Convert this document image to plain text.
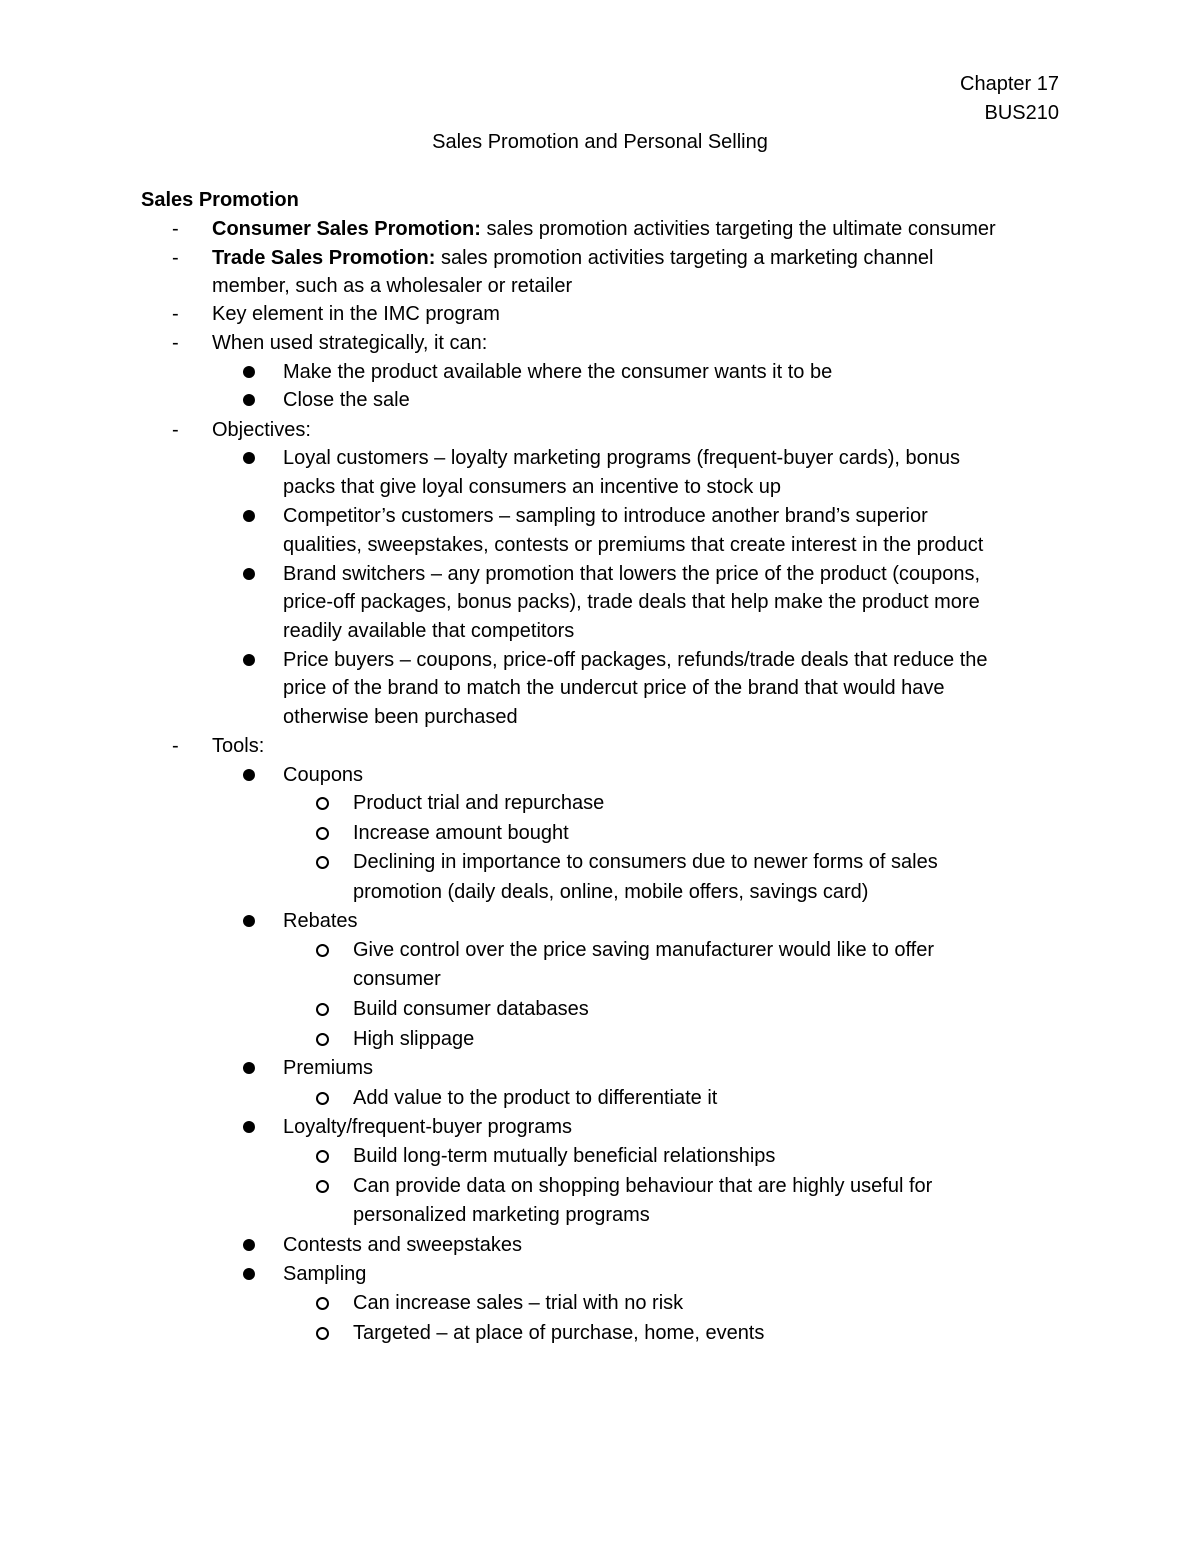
Chapter 17
BUS210
Sales Promotion and Personal Selling
Sales Promotion
- Consumer Sales Promotion: sales promotion activities targeting the ultimate consumer
- Trade Sales Promotion: sales promotion activities targeting a marketing channel
member, such as a wholesaler or retailer
- Key element in the IMC program
- When used strategically, it can:
Make the product available where the consumer wants it to be
Close the sale
- Objectives:
Loyal customers – loyalty marketing programs (frequent-buyer cards), bonus
packs that give loyal consumers an incentive to stock up
Competitor’s customers – sampling to introduce another brand’s superior
qualities, sweepstakes, contests or premiums that create interest in the product
Brand switchers – any promotion that lowers the price of the product (coupons,
price-off packages, bonus packs), trade deals that help make the product more
readily available that competitors
Price buyers – coupons, price-off packages, refunds/trade deals that reduce the
price of the brand to match the undercut price of the brand that would have
otherwise been purchased
- Tools:
Coupons
Product trial and repurchase
Increase amount bought
Declining in importance to consumers due to newer forms of sales
promotion (daily deals, online, mobile offers, savings card)
Rebates
Give control over the price saving manufacturer would like to offer
consumer
Build consumer databases
High slippage
Premiums
Add value to the product to differentiate it
Loyalty/frequent-buyer programs
Build long-term mutually beneficial relationships
Can provide data on shopping behaviour that are highly useful for
personalized marketing programs
Contests and sweepstakes
Sampling
Can increase sales – trial with no risk
Targeted – at place of purchase, home, events
